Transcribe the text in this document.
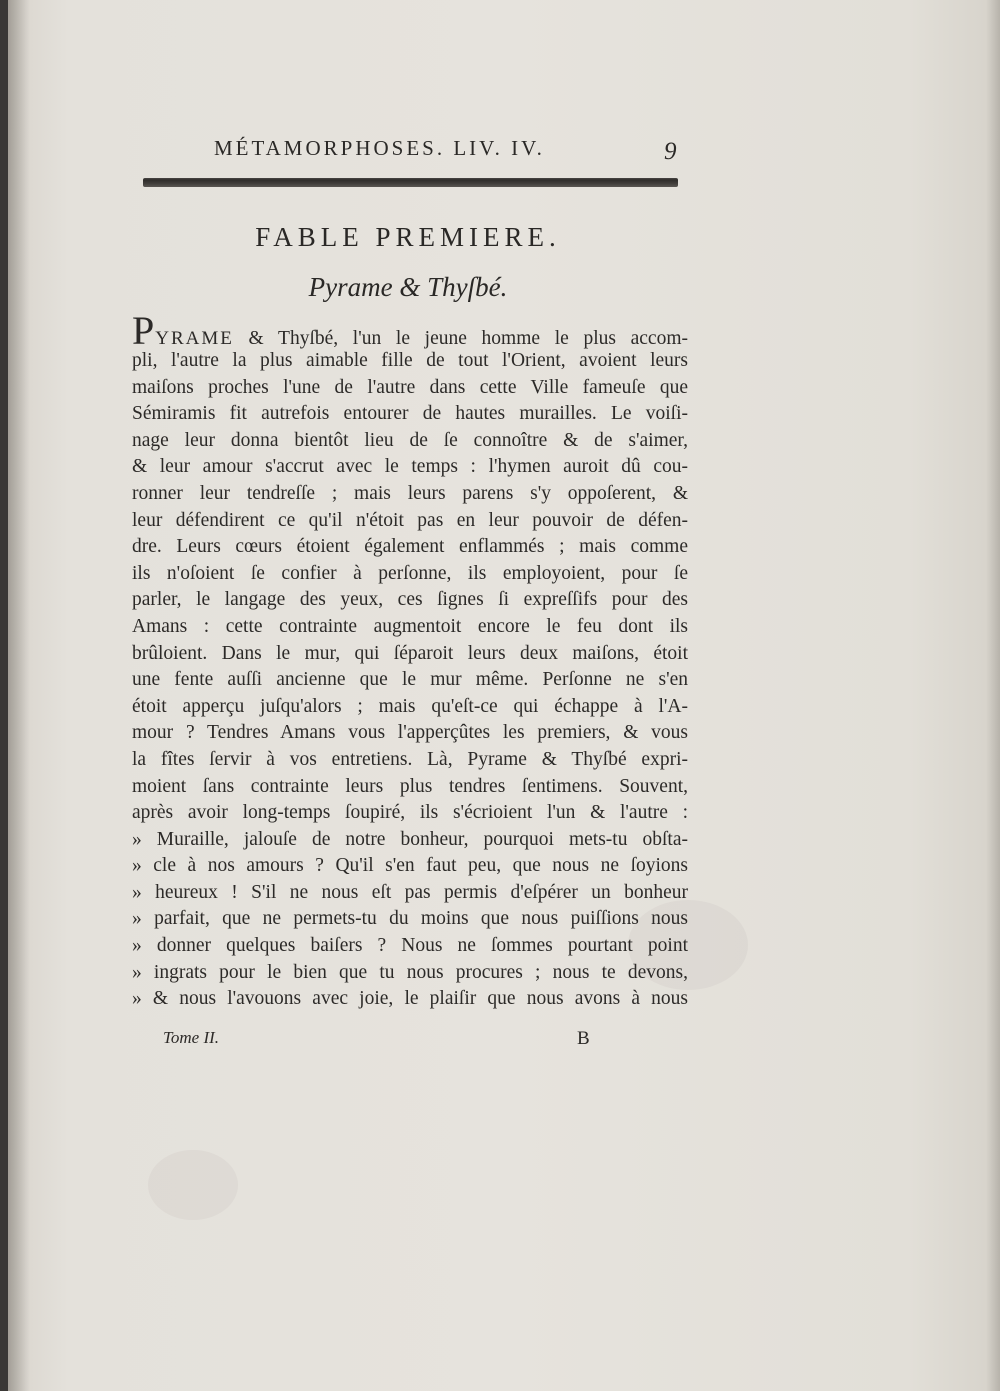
MÉTAMORPHOSES. LIV. IV.	9
FABLE PREMIERE.
Pyrame & Thyſbé.
PYRAME & Thyſbé, l'un le jeune homme le plus accom-
pli, l'autre la plus aimable fille de tout l'Orient, avoient leurs
maiſons proches l'une de l'autre dans cette Ville fameuſe que
Sémiramis fit autrefois entourer de hautes murailles. Le voiſi-
nage leur donna bientôt lieu de ſe connoître & de s'aimer,
& leur amour s'accrut avec le temps : l'hymen auroit dû cou-
ronner leur tendreſſe ; mais leurs parens s'y oppoſerent, &
leur défendirent ce qu'il n'étoit pas en leur pouvoir de défen-
dre. Leurs cœurs étoient également enflammés ; mais comme
ils n'oſoient ſe confier à perſonne, ils employoient, pour ſe
parler, le langage des yeux, ces ſignes ſi expreſſifs pour des
Amans : cette contrainte augmentoit encore le feu dont ils
brûloient. Dans le mur, qui ſéparoit leurs deux maiſons, étoit
une fente auſſi ancienne que le mur même. Perſonne ne s'en
étoit apperçu juſqu'alors ; mais qu'eſt-ce qui échappe à l'A-
mour ? Tendres Amans vous l'apperçûtes les premiers, & vous
la fîtes ſervir à vos entretiens. Là, Pyrame & Thyſbé expri-
moient ſans contrainte leurs plus tendres ſentimens. Souvent,
après avoir long-temps ſoupiré, ils s'écrioient l'un & l'autre :
» Muraille, jalouſe de notre bonheur, pourquoi mets-tu obſta-
» cle à nos amours ? Qu'il s'en faut peu, que nous ne ſoyions
» heureux ! S'il ne nous eſt pas permis d'eſpérer un bonheur
» parfait, que ne permets-tu du moins que nous puiſſions nous
» donner quelques baiſers ? Nous ne ſommes pourtant point
» ingrats pour le bien que tu nous procures ; nous te devons,
» & nous l'avouons avec joie, le plaiſir que nous avons à nous
Tome II.	B
